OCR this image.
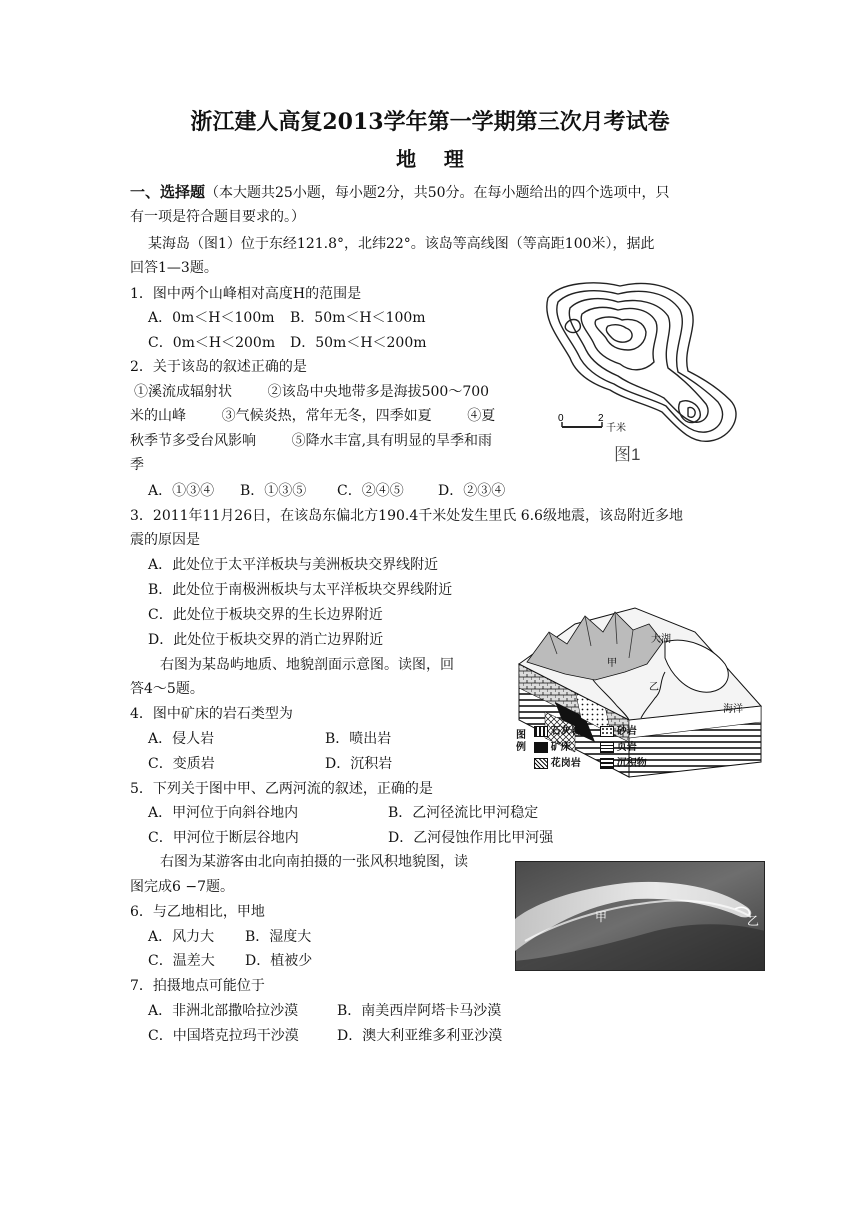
浙江建人高复2013学年第一学期第三次月考试卷
地    理
一、选择题（本大题共25小题，每小题2分，共50分。在每小题给出的四个选项中，只
有一项是符合题目要求的。）
某海岛（图1）位于东经121.8°，北纬22°。该岛等高线图（等高距100米），据此
回答1—3题。
1．图中两个山峰相对高度H的范围是
A．0m＜H＜100m B．50m＜H＜100m
C．0m＜H＜200m D．50m＜H＜200m
2．关于该岛的叙述正确的是
①溪流成辐射状        ②该岛中央地带多是海拔500～700
米的山峰        ③气候炎热，常年无冬，四季如夏        ④夏
秋季节多受台风影响        ⑤降水丰富,具有明显的旱季和雨
季
A．①③④ B．①③⑤ C．②④⑤ D．②③④
3．2011年11月26日，在该岛东偏北方190.4千米处发生里氏 6.6级地震，该岛附近多地
震的原因是
A．此处位于太平洋板块与美洲板块交界线附近
B．此处位于南极洲板块与太平洋板块交界线附近
C．此处位于板块交界的生长边界附近
D．此处位于板块交界的消亡边界附近
右图为某岛屿地质、地貌剖面示意图。读图，回
答4～5题。
4．图中矿床的岩石类型为
A．侵人岩	B．喷出岩
C．变质岩	D．沉积岩
5．下列关于图中甲、乙两河流的叙述，正确的是
A．甲河位于向斜谷地内	B．乙河径流比甲河稳定
C．甲河位于断层谷地内	D．乙河侵蚀作用比甲河强
右图为某游客由北向南拍摄的一张风积地貌图，读
图完成6 −7题。
6．与乙地相比，甲地
A．风力大 B．湿度大
C．温差大 D．植被少
7．拍摄地点可能位于
A．非洲北部撒哈拉沙漠	B．南美西岸阿塔卡马沙漠
C．中国塔克拉玛干沙漠	D．澳大利亚维多利亚沙漠
0	2
千米
图1
大湖
甲
乙
海洋
图例
石灰岩	砂岩
矿床	页岩
花岗岩	沉积物
甲	乙
